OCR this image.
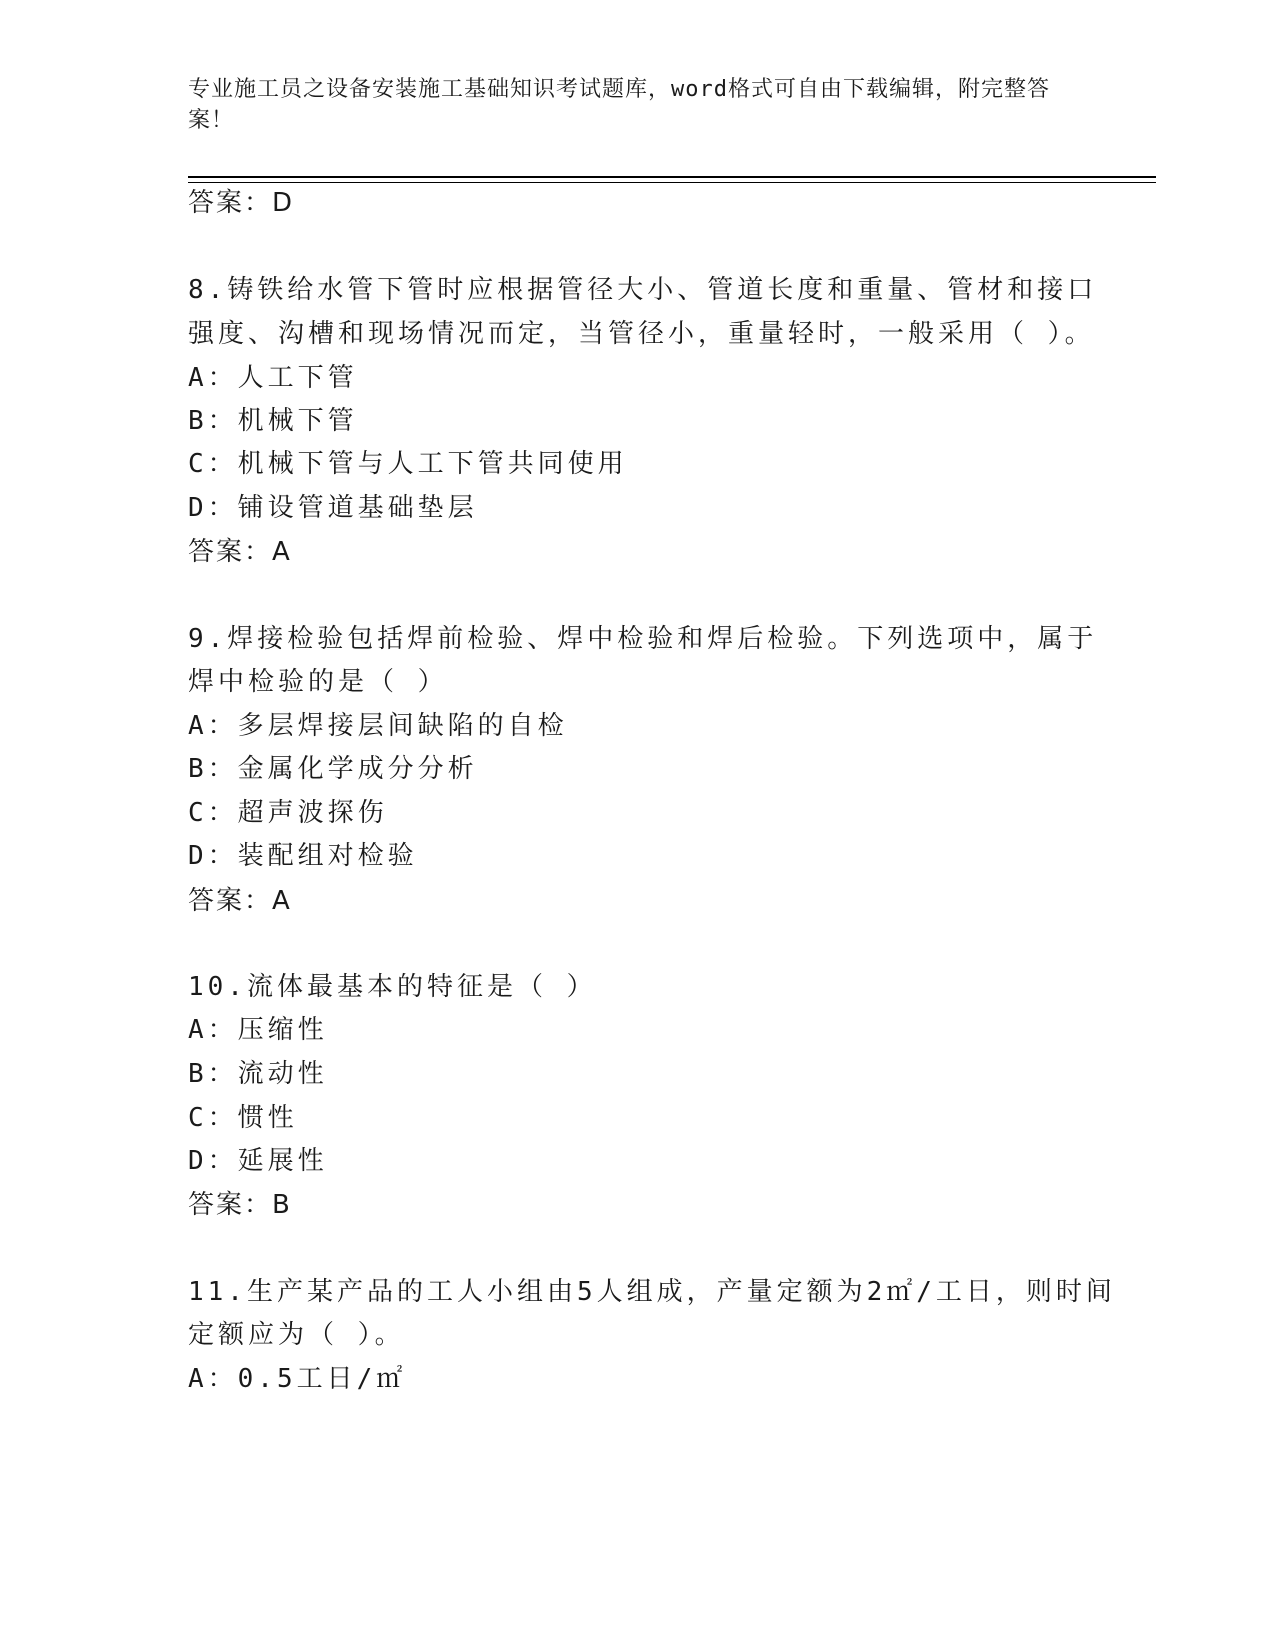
专业施工员之设备安装施工基础知识考试题库，word格式可自由下载编辑，附完整答案！
答案：D
8.铸铁给水管下管时应根据管径大小、管道长度和重量、管材和接口
强度、沟槽和现场情况而定，当管径小，重量轻时，一般采用（ ）。
A：人工下管
B：机械下管
C：机械下管与人工下管共同使用
D：铺设管道基础垫层
答案：A
9.焊接检验包括焊前检验、焊中检验和焊后检验。下列选项中，属于
焊中检验的是（ ）
A：多层焊接层间缺陷的自检
B：金属化学成分分析
C：超声波探伤
D：装配组对检验
答案：A
10.流体最基本的特征是（ ）
A：压缩性
B：流动性
C：惯性
D：延展性
答案：B
11.生产某产品的工人小组由5人组成，产量定额为2㎡/工日，则时间
定额应为（ ）。
A：0.5工日/㎡
